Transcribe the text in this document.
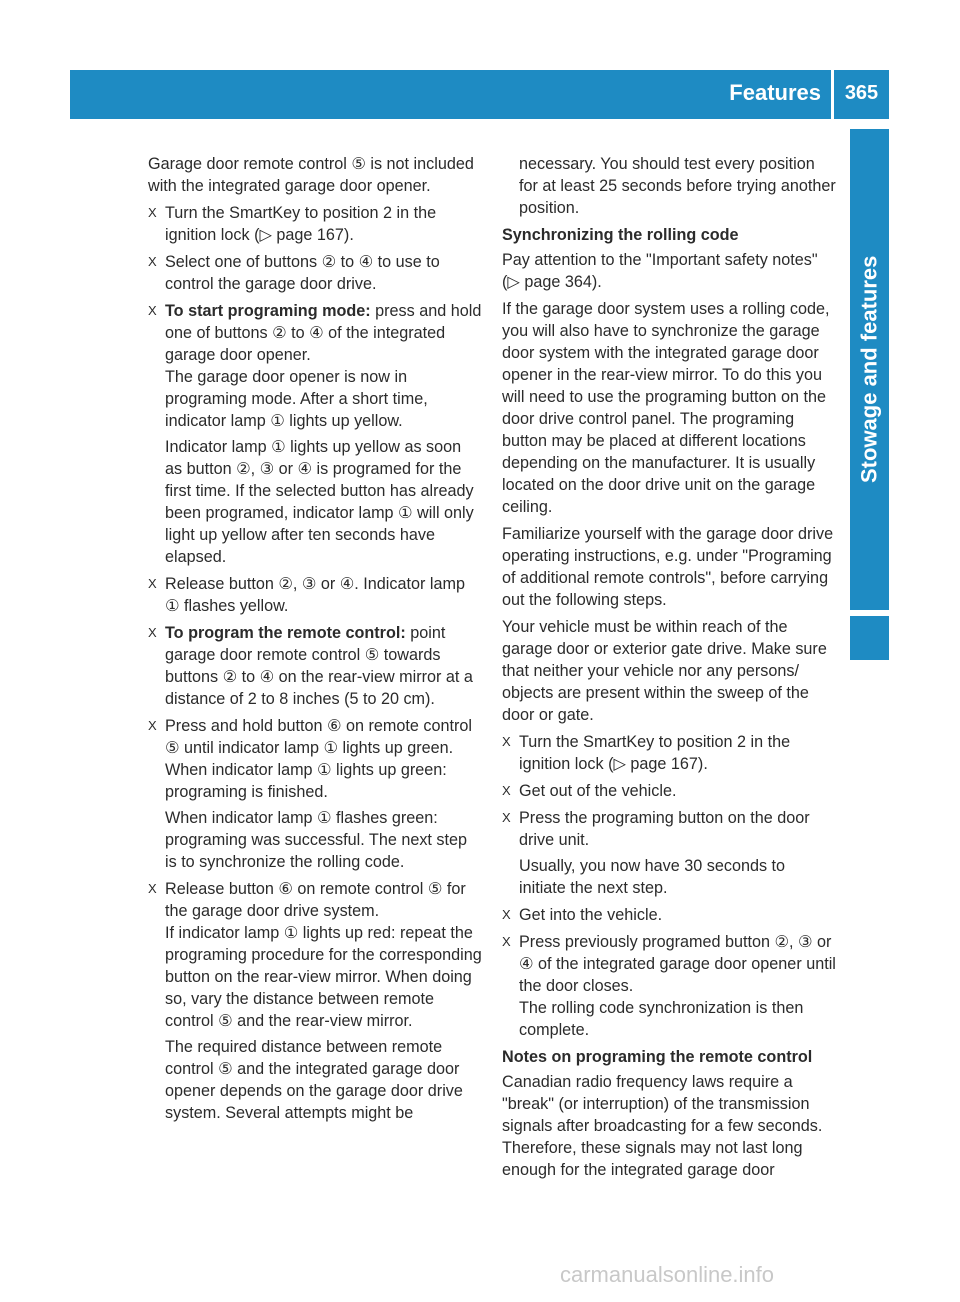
Features	365
Stowage and features

Garage door remote control ⑤ is not included with the integrated garage door opener.

X Turn the SmartKey to position 2 in the ignition lock (▷ page 167).
X Select one of buttons ② to ④ to use to control the garage door drive.
X To start programing mode: press and hold one of buttons ② to ④ of the integrated garage door opener.
The garage door opener is now in programing mode. After a short time, indicator lamp ① lights up yellow.
Indicator lamp ① lights up yellow as soon as button ②, ③ or ④ is programed for the first time. If the selected button has already been programed, indicator lamp ① will only light up yellow after ten seconds have elapsed.
X Release button ②, ③ or ④. Indicator lamp ① flashes yellow.
X To program the remote control: point garage door remote control ⑤ towards buttons ② to ④ on the rear-view mirror at a distance of 2 to 8 inches (5 to 20 cm).
X Press and hold button ⑥ on remote control ⑤ until indicator lamp ① lights up green.
When indicator lamp ① lights up green: programing is finished.
When indicator lamp ① flashes green: programing was successful. The next step is to synchronize the rolling code.
X Release button ⑥ on remote control ⑤ for the garage door drive system.
If indicator lamp ① lights up red: repeat the programing procedure for the corresponding button on the rear-view mirror. When doing so, vary the distance between remote control ⑤ and the rear-view mirror.
The required distance between remote control ⑤ and the integrated garage door opener depends on the garage door drive system. Several attempts might be
necessary. You should test every position for at least 25 seconds before trying another position.
Synchronizing the rolling code

Pay attention to the "Important safety notes" (▷ page 364).

If the garage door system uses a rolling code, you will also have to synchronize the garage door system with the integrated garage door opener in the rear-view mirror. To do this you will need to use the programing button on the door drive control panel. The programing button may be placed at different locations depending on the manufacturer. It is usually located on the door drive unit on the garage ceiling.

Familiarize yourself with the garage door drive operating instructions, e.g. under "Programing of additional remote controls", before carrying out the following steps.

Your vehicle must be within reach of the garage door or exterior gate drive. Make sure that neither your vehicle nor any persons/ objects are present within the sweep of the door or gate.

X Turn the SmartKey to position 2 in the ignition lock (▷ page 167).
X Get out of the vehicle.
X Press the programing button on the door drive unit.
Usually, you now have 30 seconds to initiate the next step.
X Get into the vehicle.
X Press previously programed button ②, ③ or ④ of the integrated garage door opener until the door closes.
The rolling code synchronization is then complete.
Notes on programing the remote control

Canadian radio frequency laws require a "break" (or interruption) of the transmission signals after broadcasting for a few seconds. Therefore, these signals may not last long enough for the integrated garage door

carmanualsonline.info
